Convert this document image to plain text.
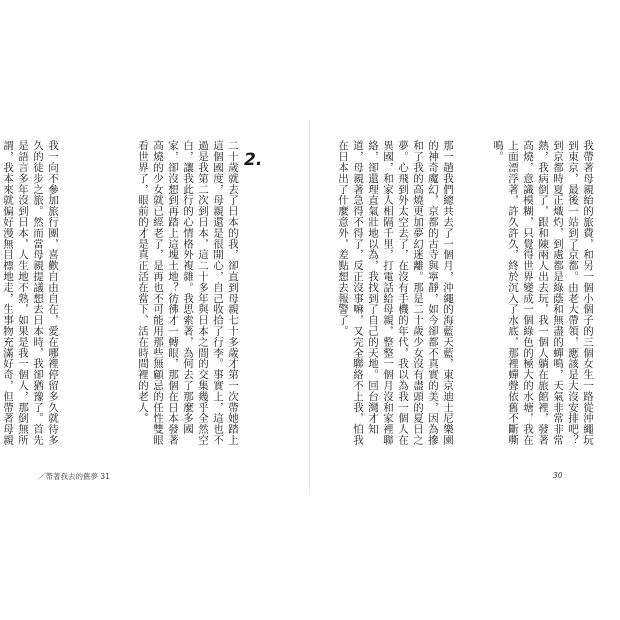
2.
二十歲就去了日本的我，卻直到母親七十多歲才第一次帶她踏上這個國度，母親還是很開心，自己收拾了行李。事實上，這也不過是我第二次到日本，這二十多年與日本之間的交集幾乎全然空白，讓我此行的心情格外複雜。我思索著，為何去了那麼多國家，卻沒想到再踏上這塊土地？彷彿才一轉眼，那個在日本發著高燒的少女就已經老了，是再也不可能用那些無顧忌的任性雙眼看世界了，眼前的才是真正活在當下、活在時間裡的老人。
我一向不參加旅行團，喜歡自由自在，愛在哪裡停留多久就待多久的徒步之旅。然而當母親提議想去日本時，我卻猶豫了。首先是語言多年沒到日本，人生地不熟，如果是我一個人，那倒無所謂，我本來就偏好漫無目標地走，生事物充滿好奇，但帶著母親	我帶著母親紿的旅費，和另一個小個子的三個女生一路從沖繩玩到東京，最後一站到了京都。由老大帶領，應該是大沒安排吧？到京都時夏正熾灼，到處都是綠蔭和無盡的蟬鳴，天氣非常非常熱，我病倒了，跟和陳兩人出去玩，我一個人躺在旅館裡，發著高燒，意識模糊，只覺得世界變成一個綠色的極大的水塘，我在上面漂浮著，許久許久，終於沉入了水底，那裡蟬聲依舊不斷嘶鳴。
那一趟我們總共去了一個月，沖繩的海藍天藍，東京迪士尼樂園的神奇魔幻，京都的古寺與寧靜，如今卻都不真實的美，因為摻和了我的高燒更加夢幻迷離。那是二十歲少女沒有盡頭的夏日之夢。心飛到外太空去了，在沒有手機的年代，我以為我一個人在異國，和家人相隔千里，打電話給母親，整整一個月沒和家裡聯絡，卻還理直氣壯地以為，我找到了自己的天地。回台灣才知道，母親著急得不得了，反正沒事嘛，又完全聯絡不上我，怕我在日本出了什麼意外，差點想去報警了。
／帶著我去的舊夢 31	30
